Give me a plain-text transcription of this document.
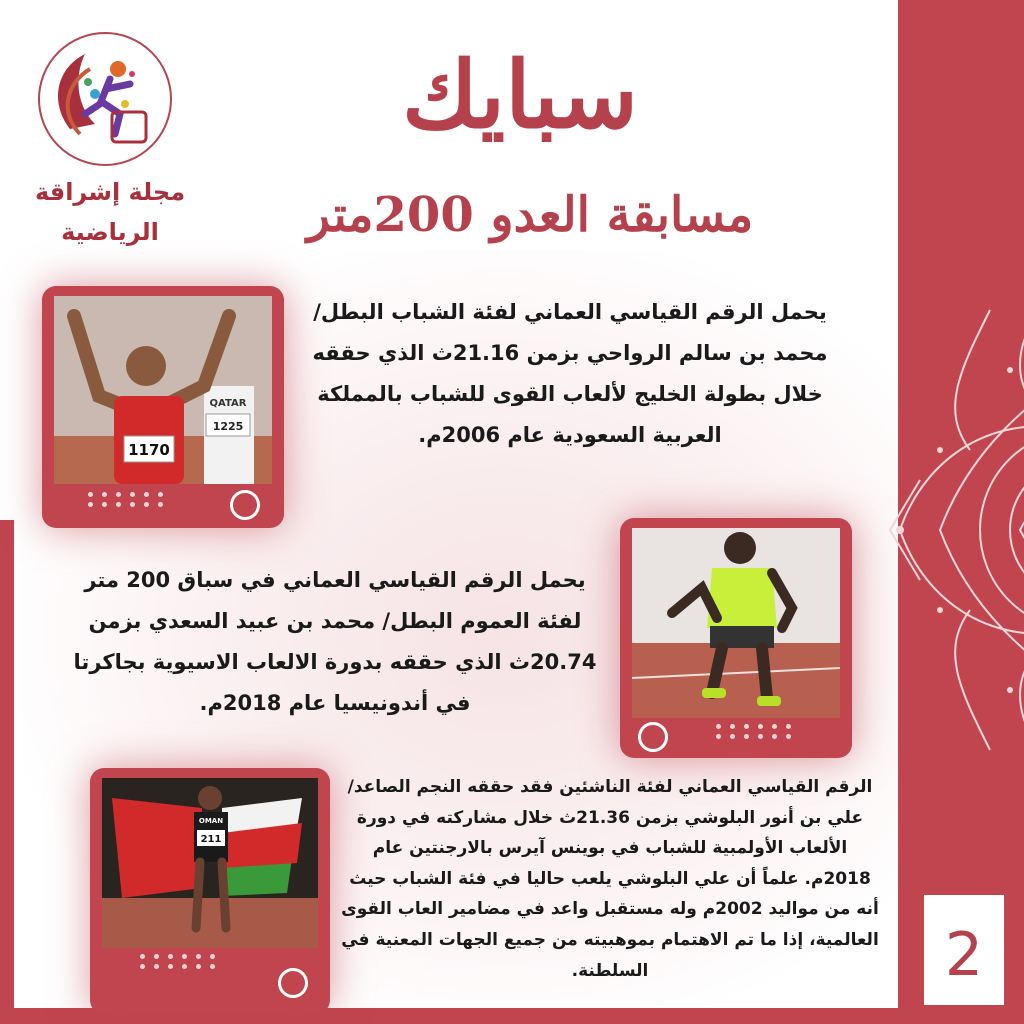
مجلة إشراقة
الرياضية
سبايك
مسابقة العدو 200متر
1225
QATAR
1170
OMAN
211
يحمل الرقم القياسي العماني لفئة الشباب البطل/ محمد بن سالم الرواحي بزمن 21.16ث الذي حققه خلال بطولة الخليج لألعاب القوى للشباب بالمملكة العربية السعودية عام 2006م.
يحمل الرقم القياسي العماني في سباق 200 متر لفئة العموم البطل/ محمد بن عبيد السعدي بزمن 20.74ث الذي حققه بدورة الالعاب الاسيوية بجاكرتا في أندونيسيا عام 2018م.
الرقم القياسي العماني لفئة الناشئين فقد حققه النجم الصاعد/ علي بن أنور البلوشي بزمن 21.36ث خلال مشاركته في دورة الألعاب الأولمبية للشباب في بوينس آيرس بالارجنتين عام 2018م. علماً أن علي البلوشي يلعب حاليا في فئة الشباب حيث أنه من مواليد 2002م وله مستقبل واعد في مضامير العاب القوى العالمية، إذا ما تم الاهتمام بموهبيته من جميع الجهات المعنية في السلطنة.	2
